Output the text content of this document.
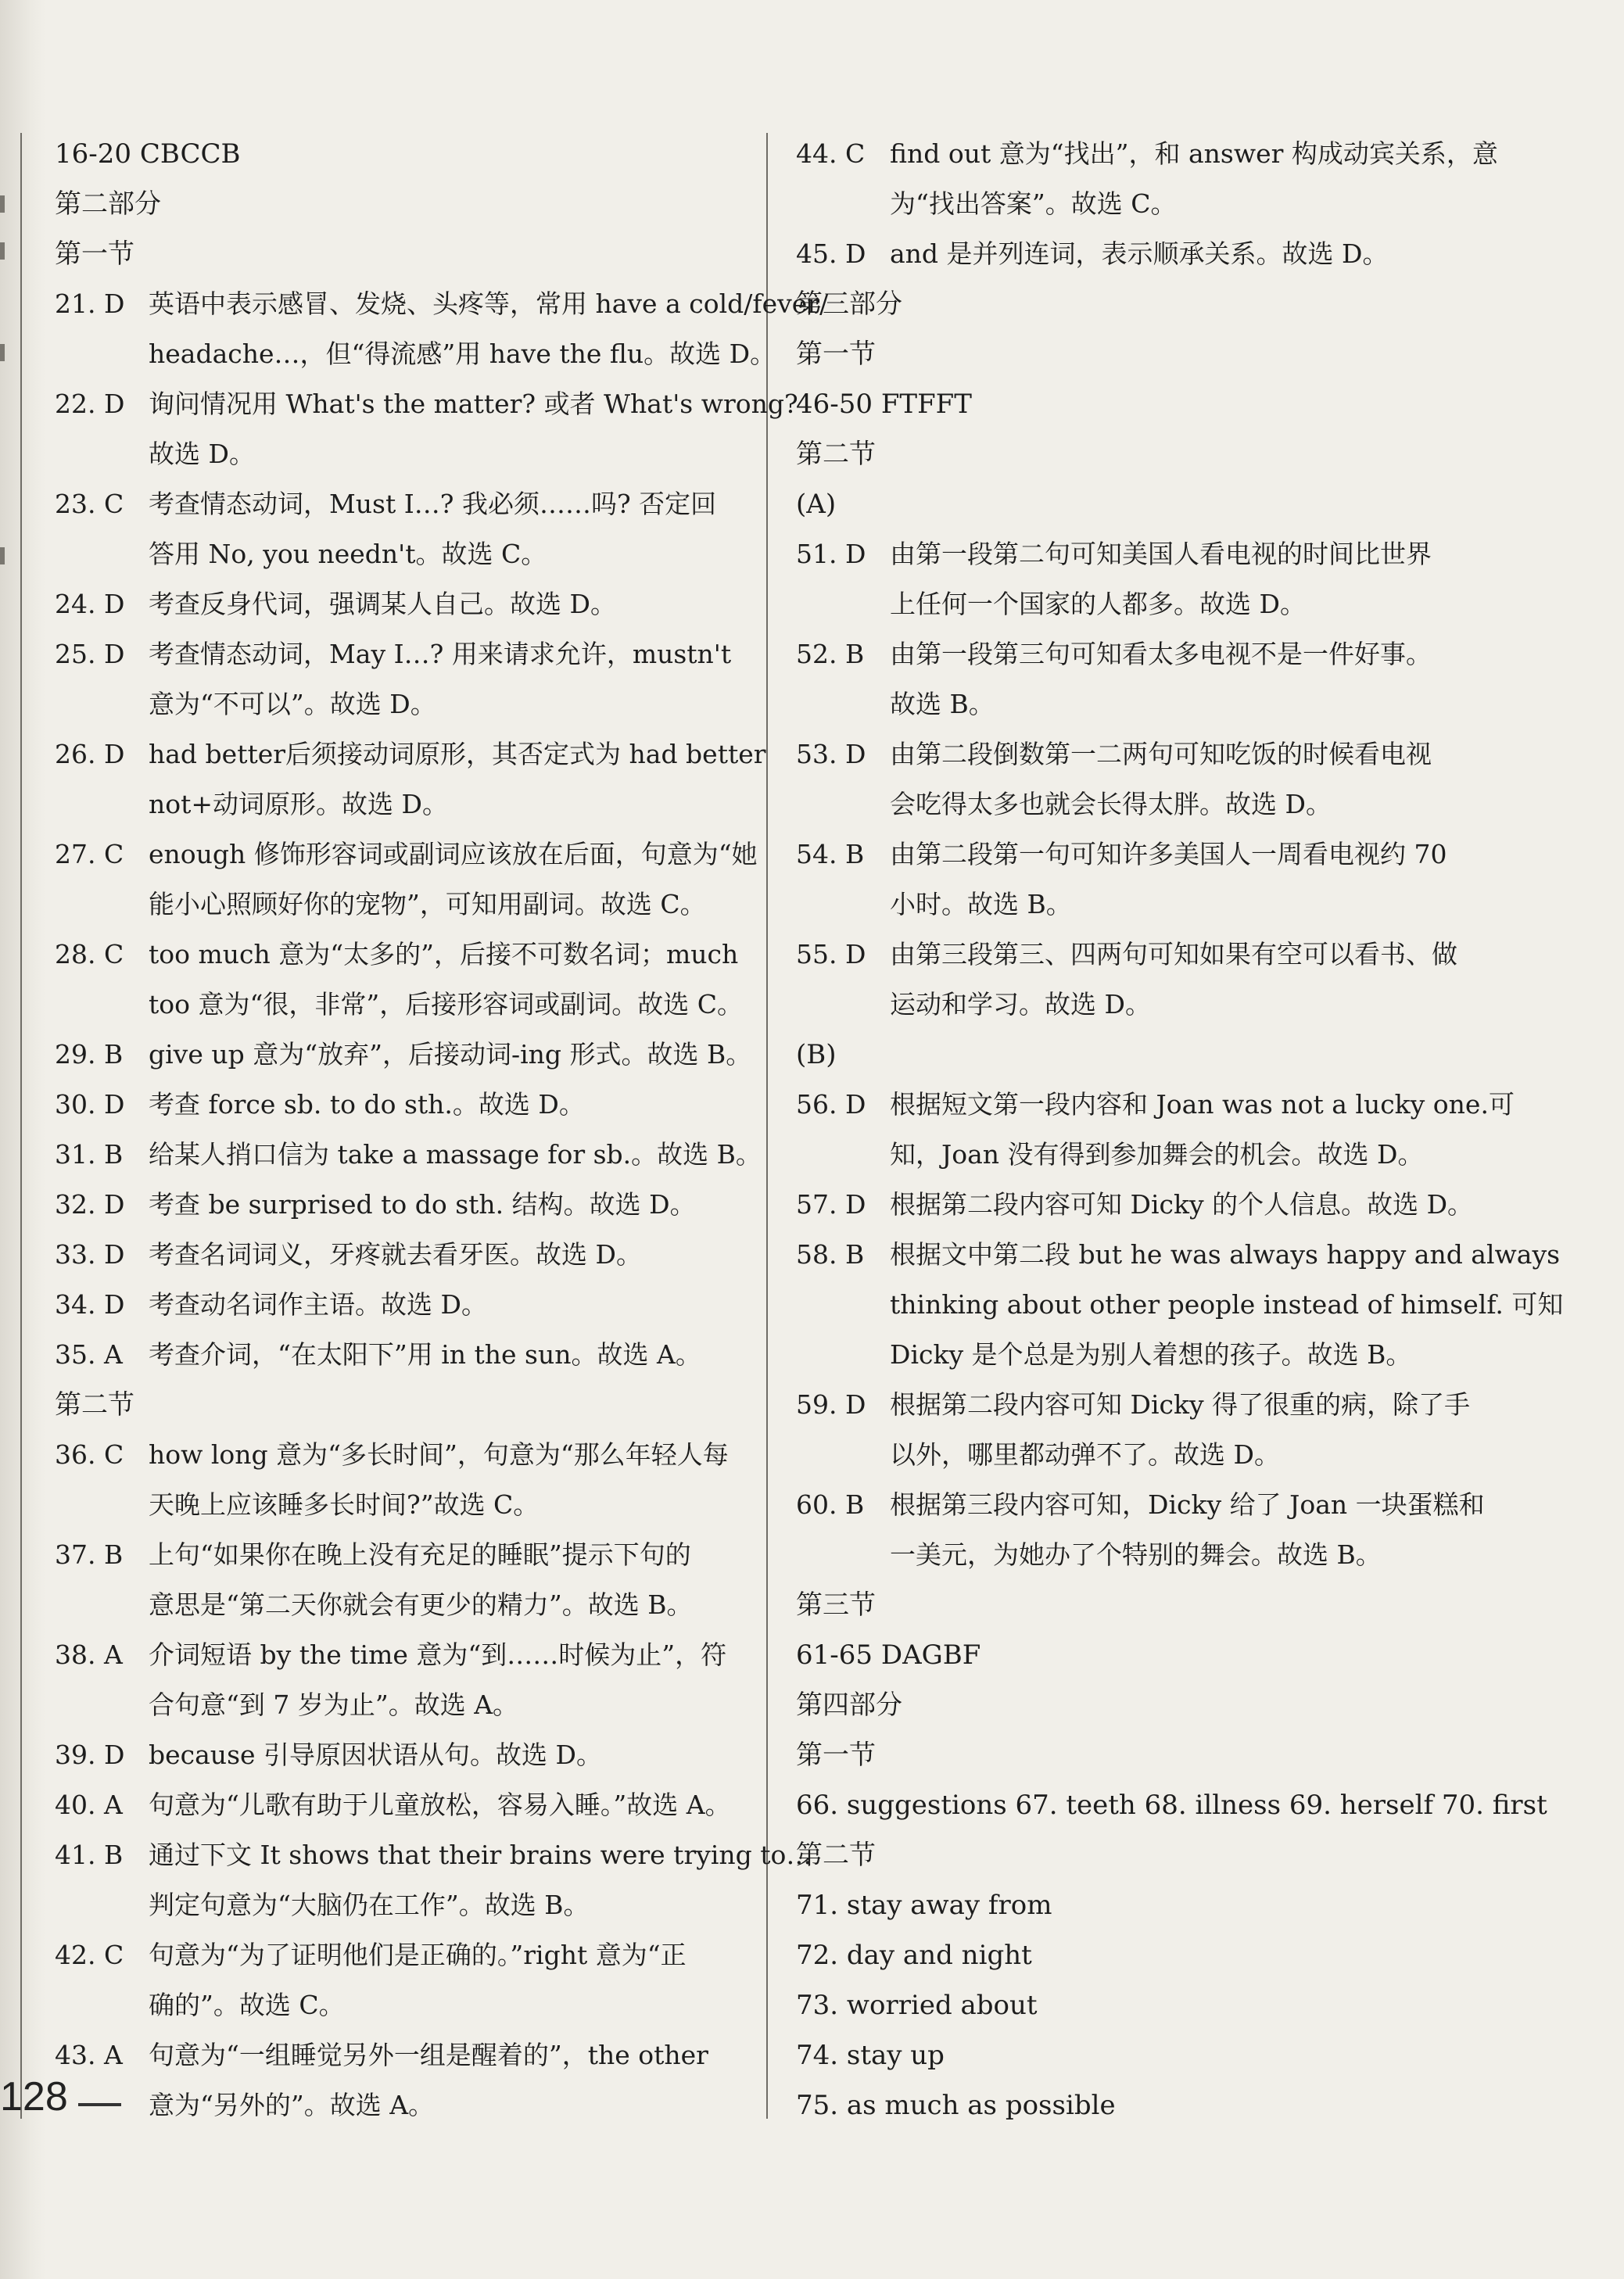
16-20 CBCCB
第二部分
第一节
21. D 英语中表示感冒、发烧、头疼等，常用 have a cold/fever/
headache…，但“得流感”用 have the flu。故选 D。
22. D 询问情况用 What's the matter? 或者 What's wrong?
故选 D。
23. C 考查情态动词，Must I…? 我必须……吗? 否定回
答用 No, you needn't。故选 C。
24. D 考查反身代词，强调某人自己。故选 D。
25. D 考查情态动词，May I…? 用来请求允许，mustn't
意为“不可以”。故选 D。
26. D had better后须接动词原形，其否定式为 had better
not+动词原形。故选 D。
27. C enough 修饰形容词或副词应该放在后面，句意为“她
能小心照顾好你的宠物”，可知用副词。故选 C。
28. C too much 意为“太多的”，后接不可数名词；much
too 意为“很，非常”，后接形容词或副词。故选 C。
29. B give up 意为“放弃”，后接动词-ing 形式。故选 B。
30. D 考查 force sb. to do sth.。故选 D。
31. B 给某人捎口信为 take a massage for sb.。故选 B。
32. D 考查 be surprised to do sth. 结构。故选 D。
33. D 考查名词词义，牙疼就去看牙医。故选 D。
34. D 考查动名词作主语。故选 D。
35. A	考查介词，“在太阳下”用 in the sun。故选 A。
第二节
36. C how long 意为“多长时间”，句意为“那么年轻人每
天晚上应该睡多长时间?”故选 C。
37. B 上句“如果你在晚上没有充足的睡眠”提示下句的
意思是“第二天你就会有更少的精力”。故选 B。
38. A	介词短语 by the time 意为“到……时候为止”，符
合句意“到 7 岁为止”。故选 A。
39. D because 引导原因状语从句。故选 D。
40. A	句意为“儿歌有助于儿童放松，容易入睡。”故选 A。
41. B 通过下文 It shows that their brains were trying to…
判定句意为“大脑仍在工作”。故选 B。
42. C 句意为“为了证明他们是正确的。”right 意为“正
确的”。故选 C。
43. A	句意为“一组睡觉另外一组是醒着的”，the other
意为“另外的”。故选 A。
44. C find out 意为“找出”，和 answer 构成动宾关系，意
为“找出答案”。故选 C。
45. D and 是并列连词，表示顺承关系。故选 D。
第三部分
第一节
46-50 FTFFT
第二节
(A)
51. D 由第一段第二句可知美国人看电视的时间比世界
上任何一个国家的人都多。故选 D。
52. B 由第一段第三句可知看太多电视不是一件好事。
故选 B。
53. D 由第二段倒数第一二两句可知吃饭的时候看电视
会吃得太多也就会长得太胖。故选 D。
54. B 由第二段第一句可知许多美国人一周看电视约 70
小时。故选 B。
55. D 由第三段第三、四两句可知如果有空可以看书、做
运动和学习。故选 D。
(B)
56. D 根据短文第一段内容和 Joan was not a lucky one.可
知，Joan 没有得到参加舞会的机会。故选 D。
57. D 根据第二段内容可知 Dicky 的个人信息。故选 D。
58. B 根据文中第二段 but he was always happy and always
thinking about other people instead of himself. 可知
Dicky 是个总是为别人着想的孩子。故选 B。
59. D 根据第二段内容可知 Dicky 得了很重的病，除了手
以外，哪里都动弹不了。故选 D。
60. B 根据第三段内容可知，Dicky 给了 Joan 一块蛋糕和
一美元，为她办了个特别的舞会。故选 B。
第三节
61-65 DAGBF
第四部分
第一节
66. suggestions 67. teeth 68. illness 69. herself 70. first
第二节
71. stay away from
72. day and night
73. worried about
74. stay up
75. as much as possible
128
